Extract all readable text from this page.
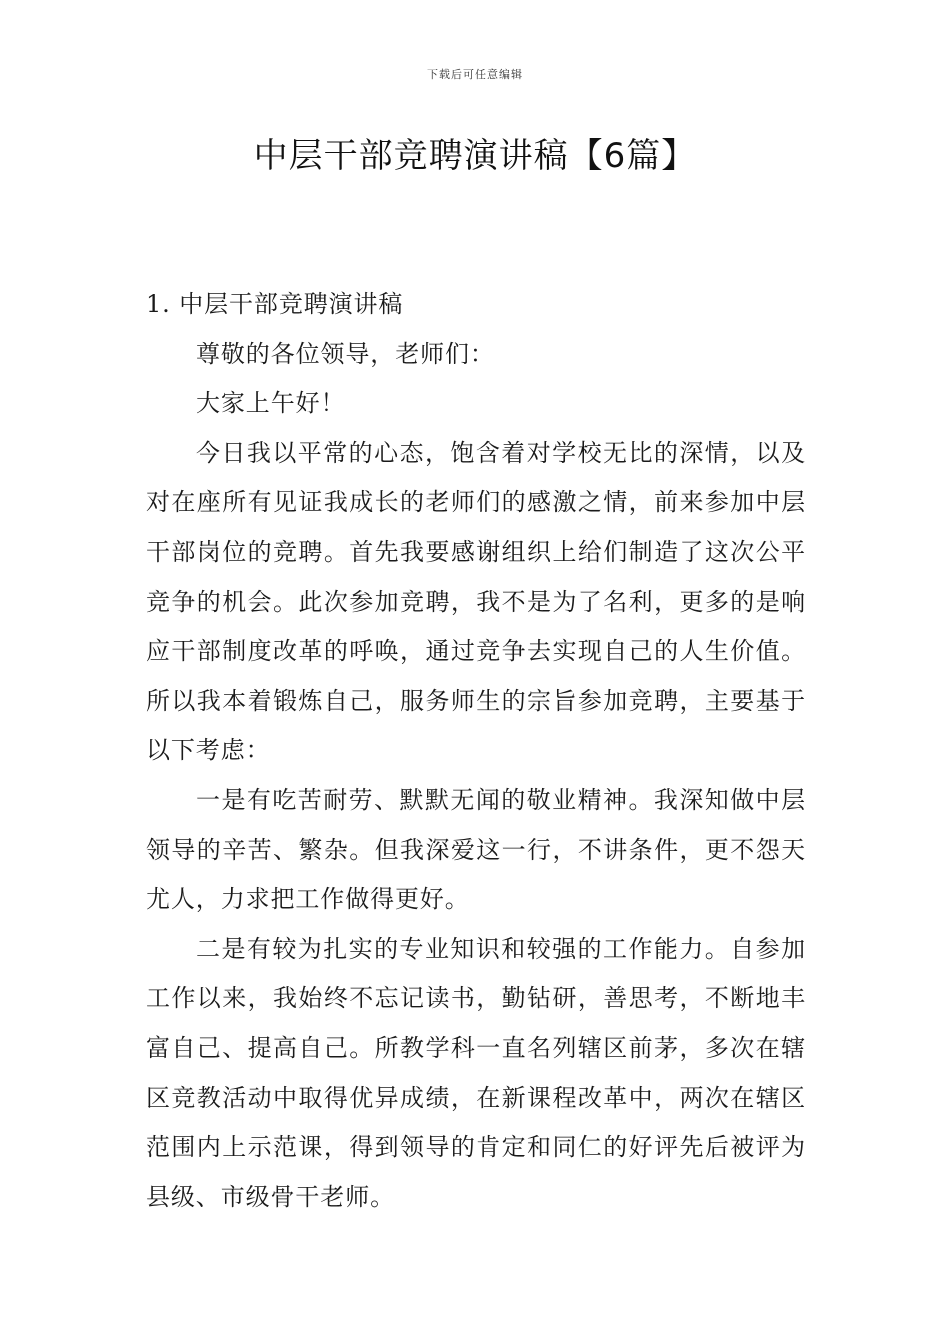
下载后可任意编辑
中层干部竞聘演讲稿【6篇】

1. 中层干部竞聘演讲稿

尊敬的各位领导，老师们：

大家上午好！

今日我以平常的心态，饱含着对学校无比的深情，以及对在座所有见证我成长的老师们的感激之情，前来参加中层干部岗位的竞聘。首先我要感谢组织上给们制造了这次公平竞争的机会。此次参加竞聘，我不是为了名利，更多的是响应干部制度改革的呼唤，通过竞争去实现自己的人生价值。所以我本着锻炼自己，服务师生的宗旨参加竞聘，主要基于以下考虑：

一是有吃苦耐劳、默默无闻的敬业精神。我深知做中层领导的辛苦、繁杂。但我深爱这一行，不讲条件，更不怨天尤人，力求把工作做得更好。

二是有较为扎实的专业知识和较强的工作能力。自参加工作以来，我始终不忘记读书，勤钻研，善思考，不断地丰富自己、提高自己。所教学科一直名列辖区前茅，多次在辖区竞教活动中取得优异成绩，在新课程改革中，两次在辖区范围内上示范课，得到领导的肯定和同仁的好评先后被评为县级、市级骨干老师。
